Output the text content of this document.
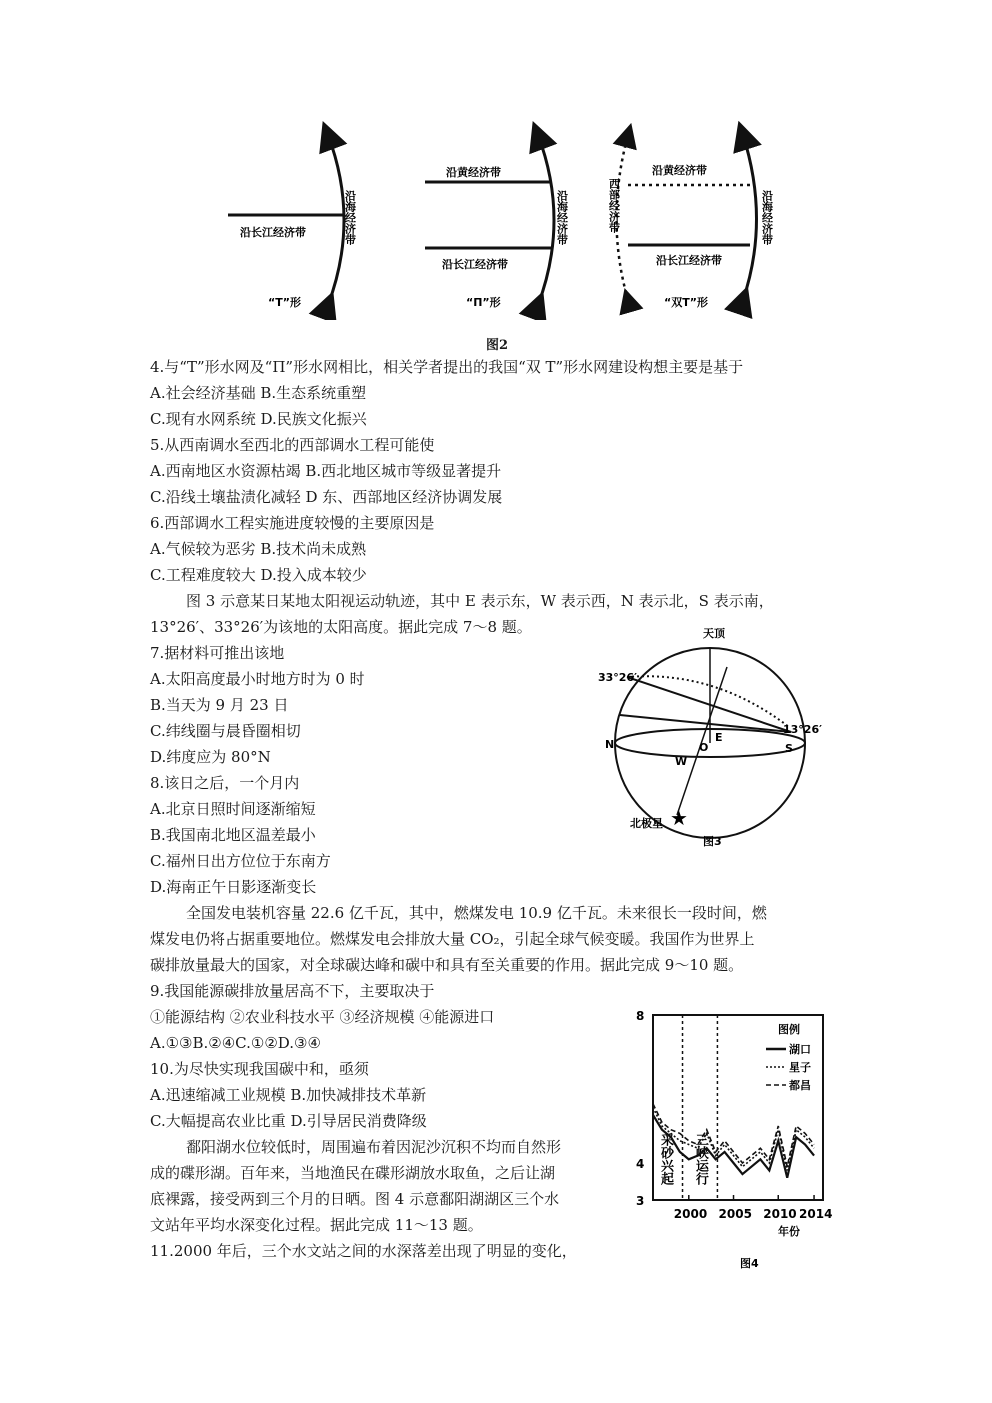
沿长江经济带	沿海经济带
“T”形
沿黄经济带
沿长江经济带
沿海经济带
“Π”形
西部经济带
沿黄经济带
沿长江经济带
沿海经济带
“双T”形
图2
4.与“T”形水网及“Π”形水网相比，相关学者提出的我国“双 T”形水网建设构想主要是基于
A.社会经济基础 B.生态系统重塑
C.现有水网系统 D.民族文化振兴
5.从西南调水至西北的西部调水工程可能使
A.西南地区水资源枯竭 B.西北地区城市等级显著提升
C.沿线土壤盐渍化减轻 D 东、西部地区经济协调发展
6.西部调水工程实施进度较慢的主要原因是
A.气候较为恶劣 B.技术尚未成熟
C.工程难度较大 D.投入成本较少
图 3 示意某日某地太阳视运动轨迹，其中 E 表示东，W 表示西，N 表示北，S 表示南，
13°26′、33°26′为该地的太阳高度。据此完成 7～8 题。
7.据材料可推出该地
A.太阳高度最小时地方时为 0 时
B.当天为 9 月 23 日
C.纬线圈与晨昏圈相切
D.纬度应为 80°N
8.该日之后，一个月内
A.北京日照时间逐渐缩短
B.我国南北地区温差最小
C.福州日出方位位于东南方
D.海南正午日影逐渐变长
★
天顶
33°26′
13°26′
N	S
E
W
O
北极星
图3
全国发电装机容量 22.6 亿千瓦，其中，燃煤发电 10.9 亿千瓦。未来很长一段时间，燃
煤发电仍将占据重要地位。燃煤发电会排放大量 CO₂，引起全球气候变暖。我国作为世界上
碳排放量最大的国家，对全球碳达峰和碳中和具有至关重要的作用。据此完成 9～10 题。
9.我国能源碳排放量居高不下，主要取决于
①能源结构 ②农业科技水平 ③经济规模 ④能源进口
A.①③B.②④C.①②D.③④
10.为尽快实现我国碳中和，亟须
A.迅速缩减工业规模 B.加快减排技术革新
C.大幅提高农业比重 D.引导居民消费降级
鄱阳湖水位较低时，周围遍布着因泥沙沉积不均而自然形
成的碟形湖。百年来，当地渔民在碟形湖放水取鱼，之后让湖
底裸露，接受两到三个月的日晒。图 4 示意鄱阳湖湖区三个水
文站年平均水深变化过程。据此完成 11～13 题。
11.2000 年后，三个水文站之间的水深落差出现了明显的变化，
8
4
3
2000 2005 2010 2014
采砂兴起 三峡运行
图例
湖口
星子
都昌
年份
图4
